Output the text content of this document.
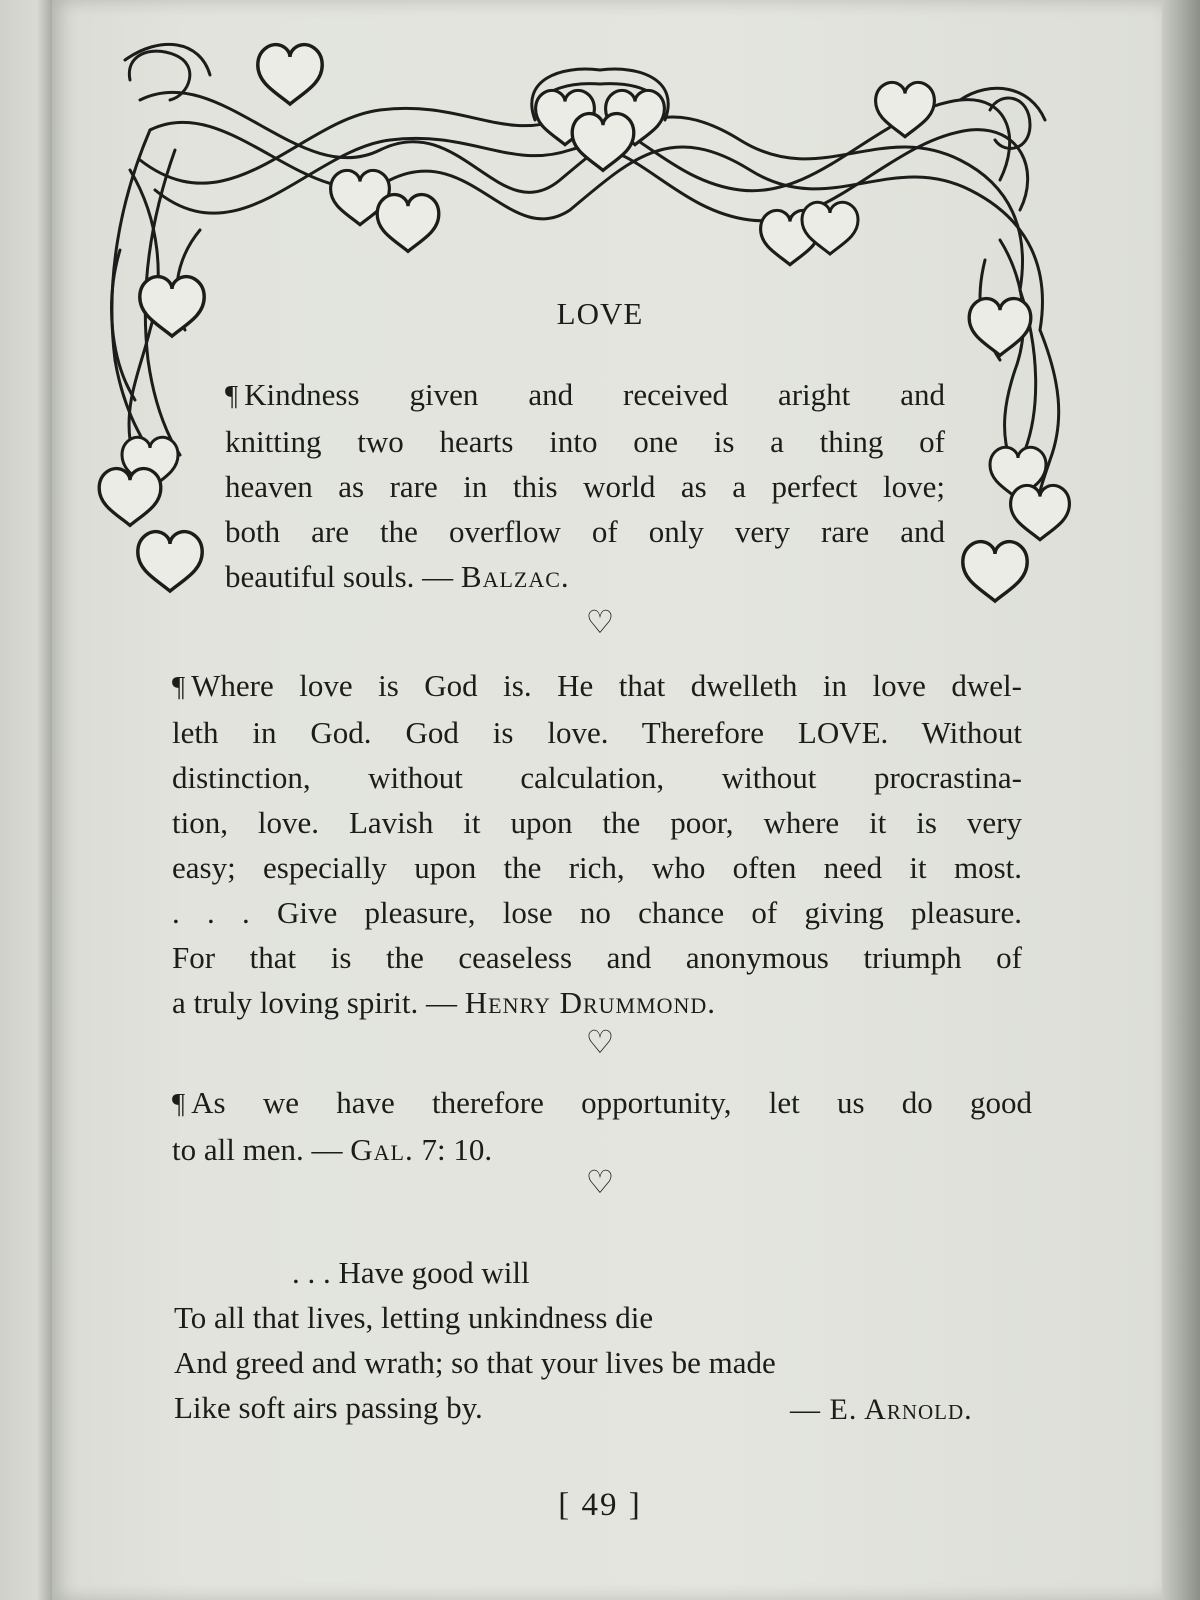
LOVE
¶ Kindness given and received aright and
knitting two hearts into one is a thing of
heaven as rare in this world as a perfect love;
both are the overflow of only very rare and
beautiful souls. — Balzac.
♡
¶ Where love is God is. He that dwelleth in love dwel-
leth in God. God is love. Therefore LOVE. Without
distinction, without calculation, without procrastina-
tion, love. Lavish it upon the poor, where it is very
easy; especially upon the rich, who often need it most.
. . . Give pleasure, lose no chance of giving pleasure.
For that is the ceaseless and anonymous triumph of
a truly loving spirit. — Henry Drummond.
♡
¶ As we have therefore opportunity, let us do good
to all men. — Gal. 7: 10.
♡
. . . Have good will
To all that lives, letting unkindness die
And greed and wrath; so that your lives be made
Like soft airs passing by.	— E. Arnold.
[ 49 ]
